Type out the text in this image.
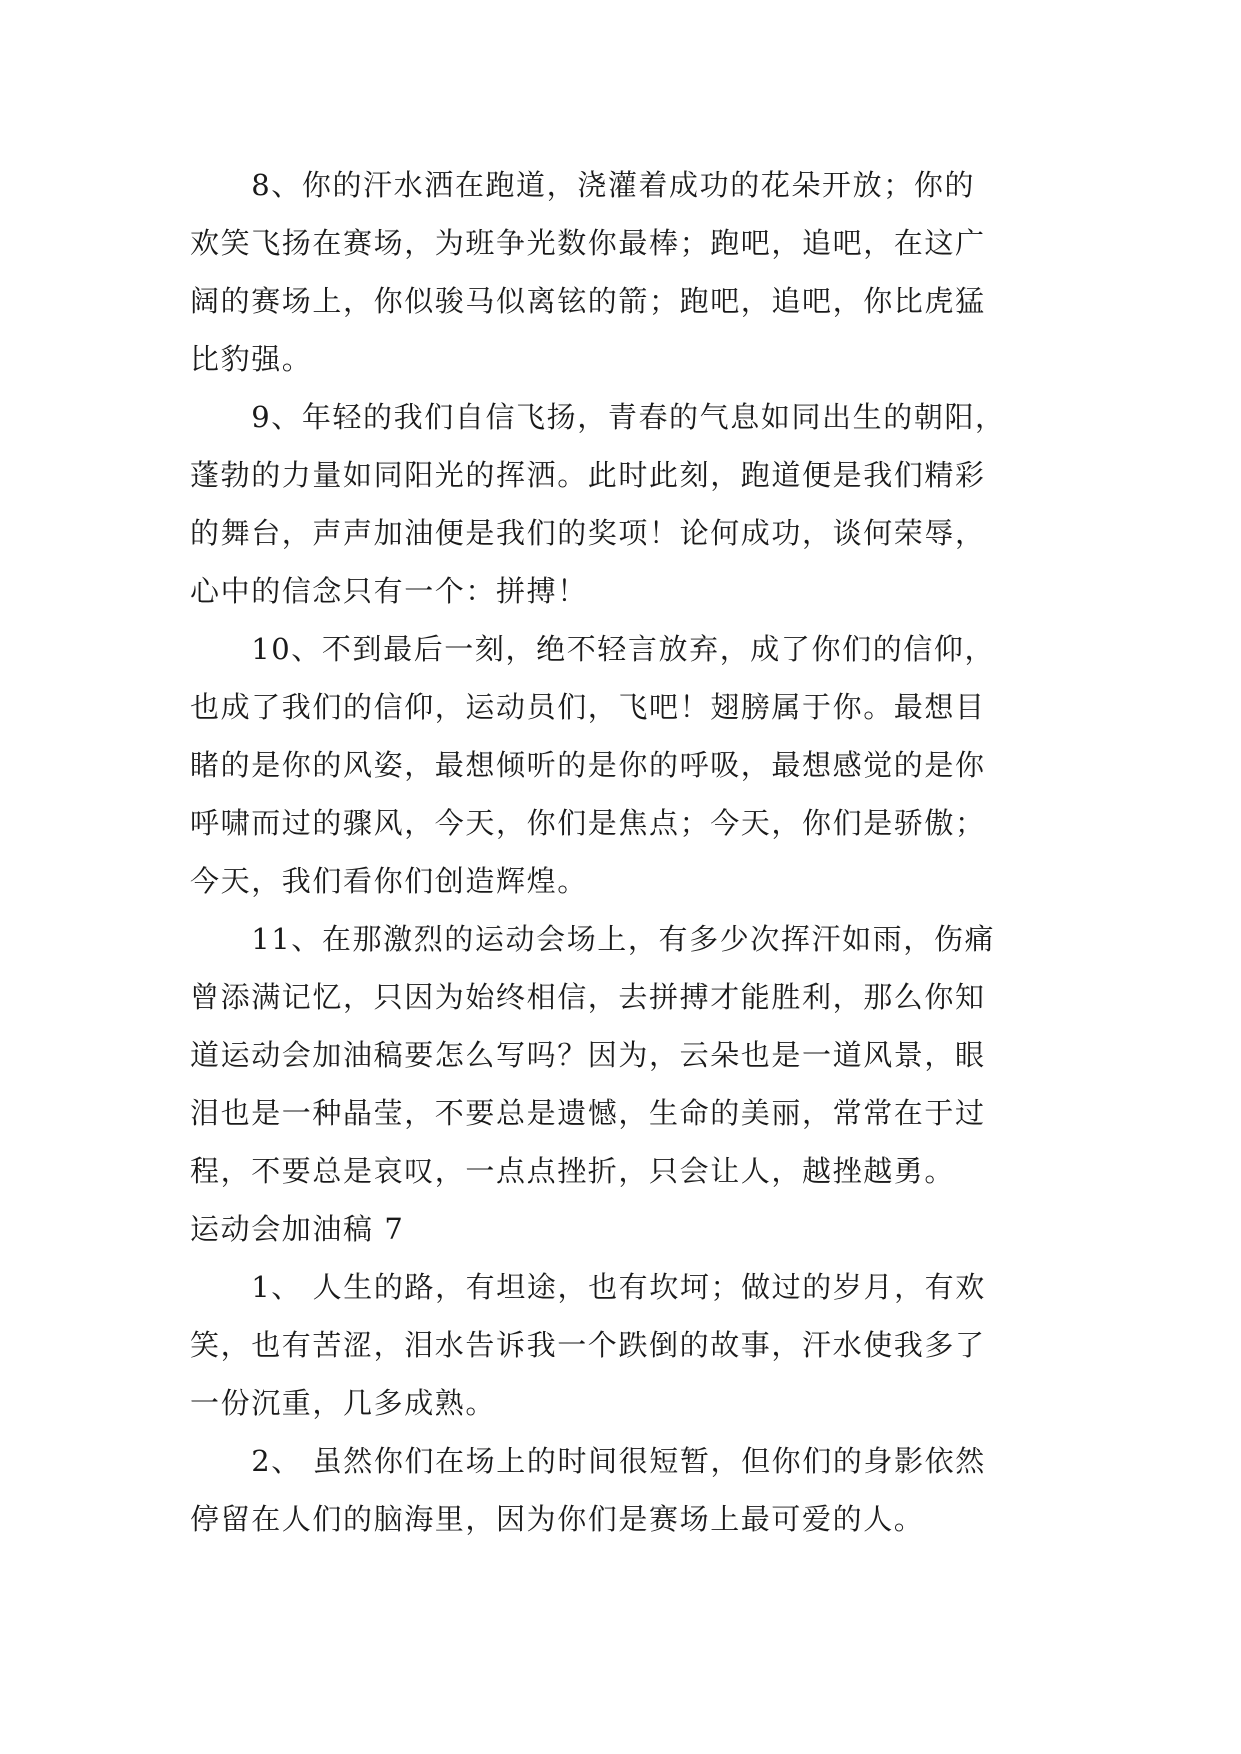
　　8、你的汗水洒在跑道，浇灌着成功的花朵开放；你的
欢笑飞扬在赛场，为班争光数你最棒；跑吧，追吧，在这广
阔的赛场上，你似骏马似离铉的箭；跑吧，追吧，你比虎猛
比豹强。
　　9、年轻的我们自信飞扬，青春的气息如同出生的朝阳，
蓬勃的力量如同阳光的挥洒。此时此刻，跑道便是我们精彩
的舞台，声声加油便是我们的奖项！论何成功，谈何荣辱，
心中的信念只有一个：拼搏！
　　10、不到最后一刻，绝不轻言放弃，成了你们的信仰，
也成了我们的信仰，运动员们，飞吧！翅膀属于你。最想目
睹的是你的风姿，最想倾听的是你的呼吸，最想感觉的是你
呼啸而过的骤风，今天，你们是焦点；今天，你们是骄傲；
今天，我们看你们创造辉煌。
　　11、在那激烈的运动会场上，有多少次挥汗如雨，伤痛
曾添满记忆，只因为始终相信，去拼搏才能胜利，那么你知
道运动会加油稿要怎么写吗？因为，云朵也是一道风景，眼
泪也是一种晶莹，不要总是遗憾，生命的美丽，常常在于过
程，不要总是哀叹，一点点挫折，只会让人，越挫越勇。
运动会加油稿 7
　　1、 人生的路，有坦途，也有坎坷；做过的岁月，有欢
笑，也有苦涩，泪水告诉我一个跌倒的故事，汗水使我多了
一份沉重，几多成熟。
　　2、 虽然你们在场上的时间很短暂，但你们的身影依然
停留在人们的脑海里，因为你们是赛场上最可爱的人。
